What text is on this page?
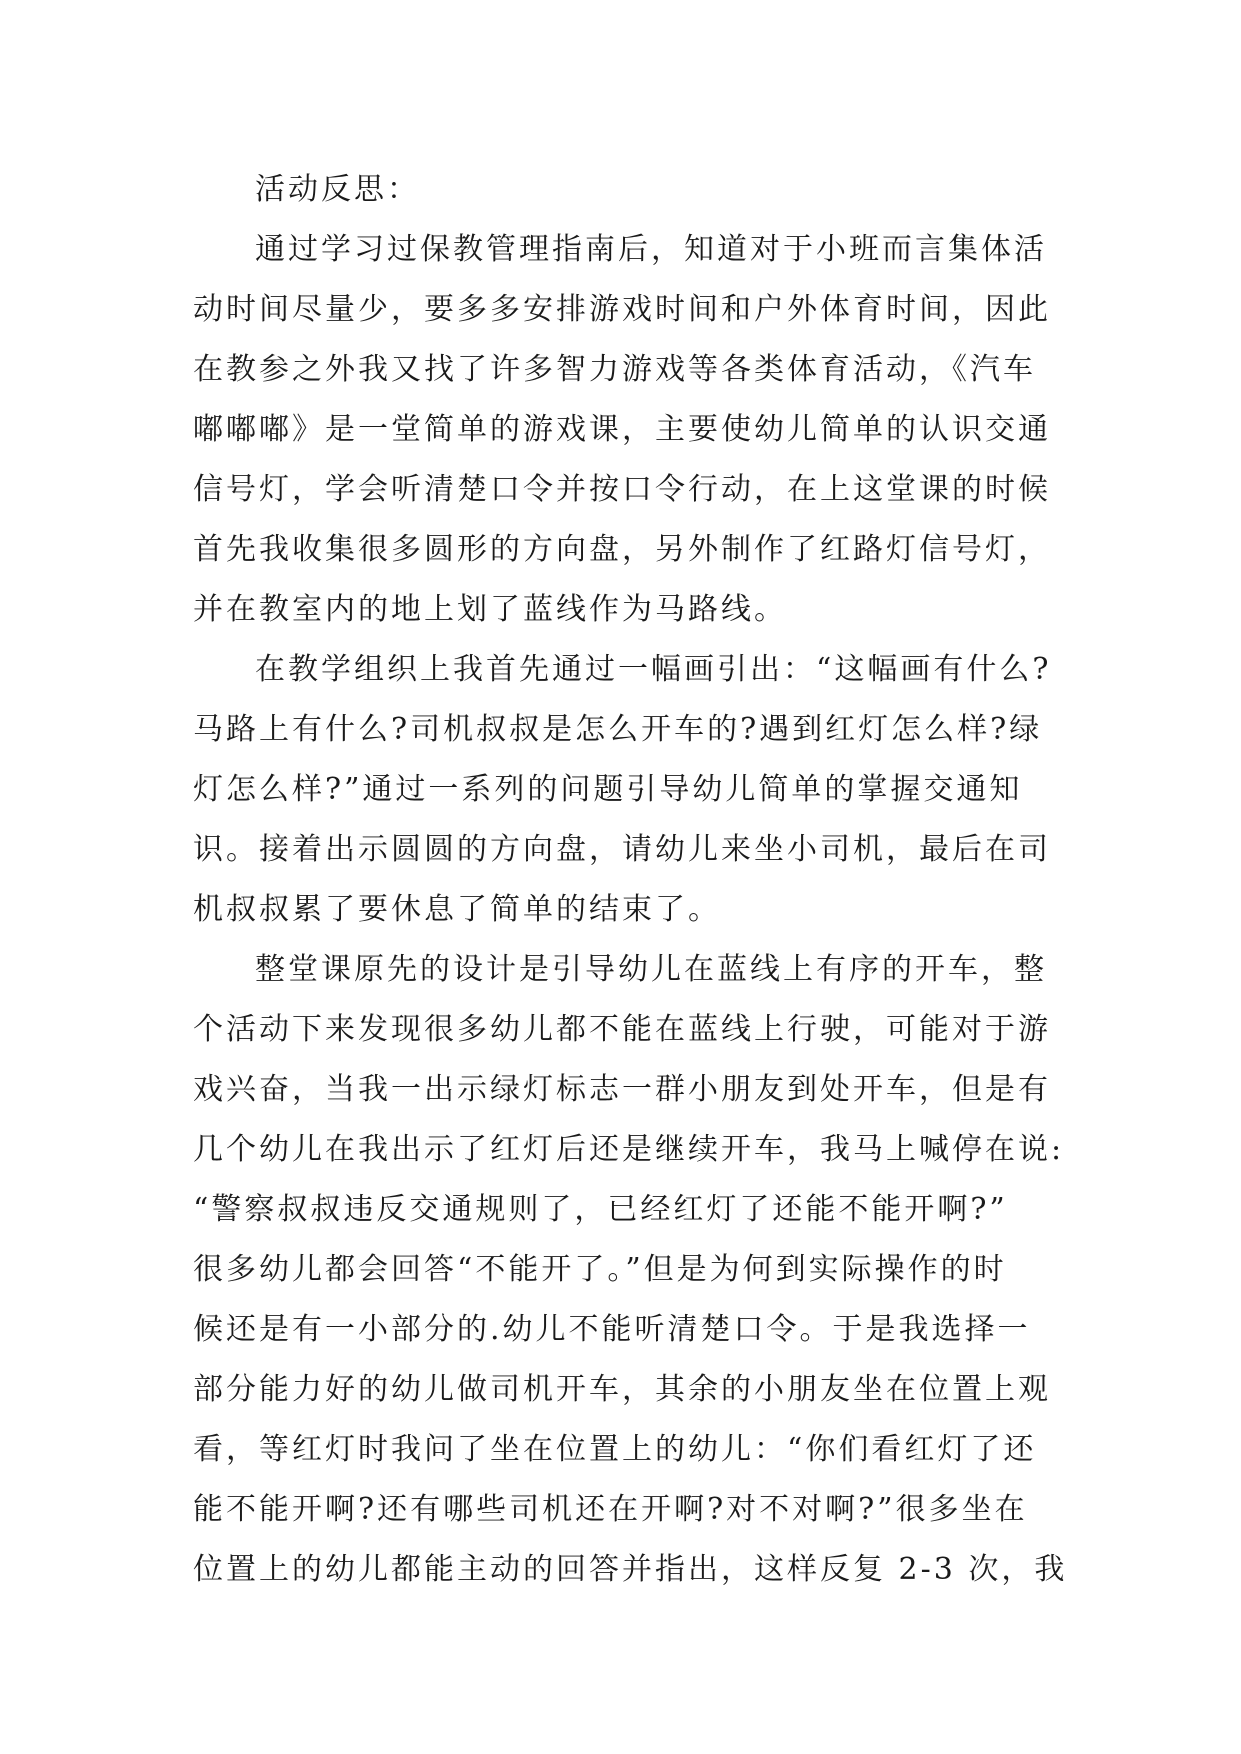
活动反思：
通过学习过保教管理指南后，知道对于小班而言集体活
动时间尽量少，要多多安排游戏时间和户外体育时间，因此
在教参之外我又找了许多智力游戏等各类体育活动，《汽车
嘟嘟嘟》是一堂简单的游戏课，主要使幼儿简单的认识交通
信号灯，学会听清楚口令并按口令行动，在上这堂课的时候
首先我收集很多圆形的方向盘，另外制作了红路灯信号灯，
并在教室内的地上划了蓝线作为马路线。
在教学组织上我首先通过一幅画引出：“这幅画有什么?
马路上有什么?司机叔叔是怎么开车的?遇到红灯怎么样?绿
灯怎么样?”通过一系列的问题引导幼儿简单的掌握交通知
识。接着出示圆圆的方向盘，请幼儿来坐小司机，最后在司
机叔叔累了要休息了简单的结束了。
整堂课原先的设计是引导幼儿在蓝线上有序的开车，整
个活动下来发现很多幼儿都不能在蓝线上行驶，可能对于游
戏兴奋，当我一出示绿灯标志一群小朋友到处开车，但是有
几个幼儿在我出示了红灯后还是继续开车，我马上喊停在说:
“警察叔叔违反交通规则了，已经红灯了还能不能开啊?”
很多幼儿都会回答“不能开了。”但是为何到实际操作的时
候还是有一小部分的.幼儿不能听清楚口令。于是我选择一
部分能力好的幼儿做司机开车，其余的小朋友坐在位置上观
看，等红灯时我问了坐在位置上的幼儿：“你们看红灯了还
能不能开啊?还有哪些司机还在开啊?对不对啊?”很多坐在
位置上的幼儿都能主动的回答并指出，这样反复 2-3 次，我
